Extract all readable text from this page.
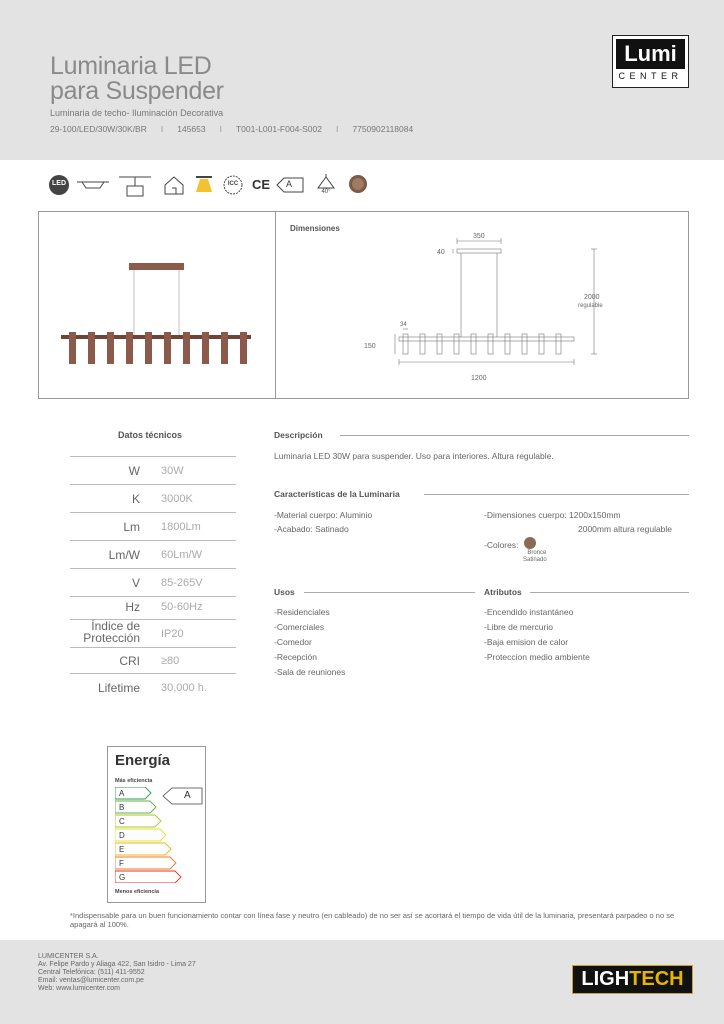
Luminaria LED
para Suspender
Luminaria de techo- Iluminación Decorativa
29-100/LED/30W/30K/BR I 145653 I T001-L001-F004-S002 I 7750902118084
Lumi
CENTER
LED	ICC	CE A
40°
Dimensiones
350
40
2000
regulable
34
150
1200
Datos técnicos
W 30W
K 3000K
Lm 1800Lm
Lm/W 60Lm/W
V 85-265V
Hz 50-60Hz
Índice de
Protección IP20
CRI ≥80
Lifetime 30,000 h.
Descripción
Luminaria LED 30W para suspender. Uso para interiores. Altura regulable.
Características de la Luminaria
-Material cuerpo: Aluminio
-Acabado: Satinado
-Dimensiones cuerpo: 1200x150mm
2000mm altura regulable
-Colores:
Bronce
Satinado
Usos
-Residenciales
-Comerciales
-Comedor
-Recepción
-Sala de reuniones
Atributos
-Encendido instantáneo
-Libre de mercurio
-Baja emision de calor
-Proteccion medio ambiente
Energía
Más eficiencia
A
B
C
D
E
F
G
A
Menos eficiencia
*Indispensable para un buen funcionamiento contar con línea fase y neutro (en cableado) de no ser así se acortará el tiempo de vida útil de la luminaria, presentará parpadeo o no se apagará al 100%.
LUMICENTER S.A.
Av. Felipe Pardo y Aliaga 422, San Isidro - Lima 27
Central Telefónica: (511) 411-9552
Email: ventas@lumicenter.com.pe
Web: www.lumicenter.com	LIGHTECH
